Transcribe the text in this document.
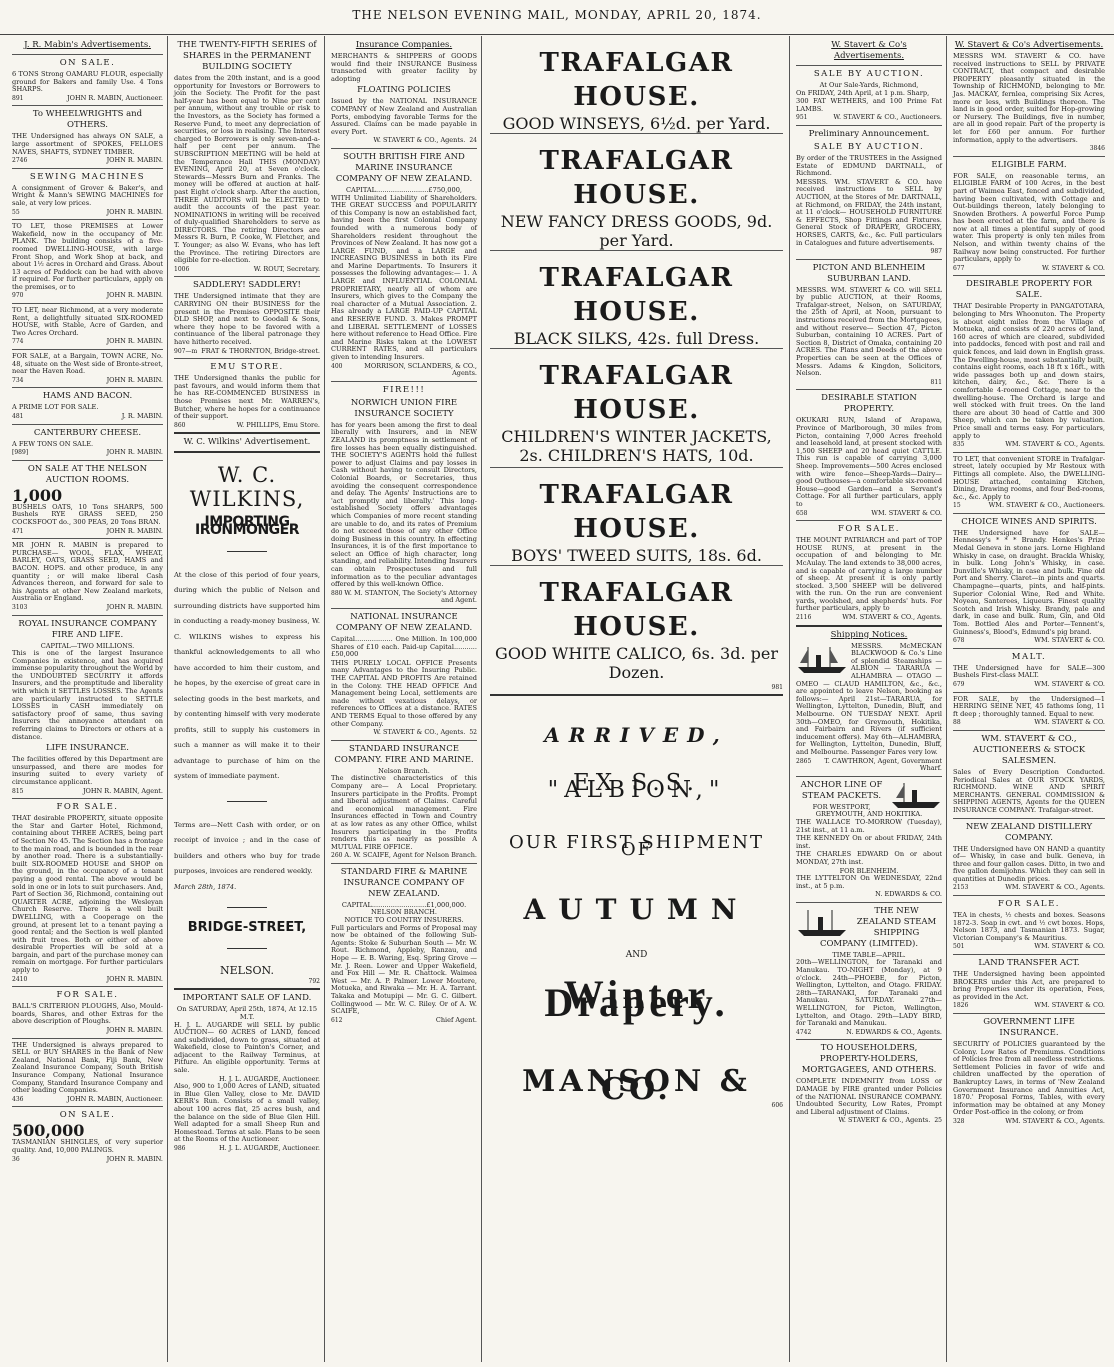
THE NELSON EVENING MAIL, MONDAY, APRIL 20, 1874.
J. R. Mabin's Advertisements.
ON SALE.

6 TONS Strong OAMARU FLOUR, especially ground for Bakers and family Use. 4 Tons SHARPS.

891	JOHN R. MABIN, Auctioneer.
To WHEELWRIGHTS and OTHERS.

THE Undersigned has always ON SALE, a large assortment of SPOKES, FELLOES NAVES, SHAFTS, SYDNEY TIMBER.

2746	JOHN R. MABIN.
SEWING MACHINES

A consignment of Grover & Baker's, and Wright & Mann's SEWING MACHINES for sale, at very low prices.

55	JOHN R. MABIN.

TO LET, those PREMISES at Lower Wakefield, now in the occupancy of Mr. PLANK. The building consists of a five-roomed DWELLING-HOUSE, with large Front Shop, and Work Shop at back, and about 1½ acres in Orchard and Grass. About 13 acres of Paddock can be had with above if required. For further particulars, apply on the premises, or to

970	JOHN R. MABIN.

TO LET, near Richmond, at a very moderate Rent, a delightfully situated SIX-ROOMED HOUSE, with Stable, Acre of Garden, and Two Acres Orchard.

774	JOHN R. MABIN.

FOR SALE, at a Bargain, TOWN ACRE, No. 48, situate on the West side of Bronte-street, near the Haven Road.

734	JOHN R. MABIN.
HAMS AND BACON.

A PRIME LOT FOR SALE.

481	J. R. MABIN.
CANTERBURY CHEESE.

A FEW TONS ON SALE.

[989]	JOHN R. MABIN.
ON SALE AT THE NELSON AUCTION ROOMS.
1,000

BUSHELS OATS, 10 Tons SHARPS, 500 Bushels RYE GRASS SEED, 250 COCKSFOOT do., 300 PEAS, 20 Tons BRAN.

471	JOHN R. MABIN.

MR JOHN R. MABIN is prepared to PURCHASE— WOOL, FLAX, WHEAT, BARLEY, OATS, GRASS SEED, HAMS and BACON. HOPS. and other produce, in any quantity ; or will make liberal Cash Advances thereon, and forward for sale to his Agents at other New Zealand markets, Australia or England.

3103	JOHN R. MABIN.
ROYAL INSURANCE COMPANY FIRE AND LIFE.
CAPITAL—TWO MILLIONS.

This is one of the largest Insurance Companies in existence, and has acquired immense popularity throughout the World by the UNDOUBTED SECURITY it affords Insurers, and the promptitude and liberality with which it SETTLES LOSSES. The Agents are particularly instructed to SETTLE LOSSES in CASH immediately on satisfactory proof of same, thus saving Insurers the annoyance attendant on referring claims to Directors or others at a distance.

LIFE INSURANCE.

The facilities offered by this Department are unsurpassed, and there are modes for insuring suited to every variety of circumstance applicant.

815	JOHN R. MABIN, Agent.
FOR SALE.

THAT desirable PROPERTY, situate opposite the Star and Garter Hotel, Richmond, containing about THREE ACRES, being part of Section No 45. The Section has a frontage to the main road, and is bounded in the rear by another road. There is a substantially-built SIX-ROOMED HOUSE and SHOP on the ground, in the occupancy of a tenant paying a good rental. The above would be sold in one or in lots to suit purchasers. And, Part of Section 36, Richmond, containing out QUARTER ACRE, adjoining the Wesleyan Church Reserve. There is a well built DWELLING, with a Cooperage on the ground, at present let to a tenant paying a good rental; and the Section is well planted with fruit trees. Both or either of above desirable Properties will be sold at a bargain, and part of the purchase money can remain on mortgage. For further particulars apply to

2410	JOHN R. MABIN.
FOR SALE.

BALL'S CRITERION PLOUGHS, Also, Mould-boards, Shares, and other Extras for the above description of Ploughs.

JOHN R. MABIN.

THE Undersigned is always prepared to SELL or BUY SHARES in the Bank of New Zealand, National Bank, Fiji Bank, New Zealand Insurance Company, South British Insurance Company, National Insurance Company, Standard Insurance Company and other leading Companies.

436	JOHN R. MABIN, Auctioneer.
ON SALE.
500,000

TASMANIAN SHINGLES, of very superior quality. And, 10,000 PALINGS.

36	JOHN R. MABIN.
THE TWENTY-FIFTH SERIES of SHARES in the PERMANENT BUILDING SOCIETY

dates from the 20th instant, and is a good opportunity for Investors or Borrowers to join the Society. The Profit for the past half-year has been equal to Nine per cent per annum, without any trouble or risk to the Investors, as the Society has formed a Reserve Fund, to meet any depreciation of securities, or loss in realising. The Interest charged to Borrowers is only seven-and-a-half per cent per annum. The SUBSCRIPTION MEETING will be held at the Temperance Hall THIS (MONDAY) EVENING, April 20, at Seven o'clock. Stewards—Messrs Burn and Franks. The money will be offered at auction at half-past Eight o'clock sharp. After the auction, THREE AUDITORS will be ELECTED to audit the accounts of the past year. NOMINATIONS in writing will be received of duly-qualified Shareholders to serve as DIRECTORS. The retiring Directors are Messrs R. Burn, P. Cooke, W. Fletcher, and T. Younger; as also W. Evans, who has left the Province. The retiring Directors are eligible for re-election.

1006	W. ROUT, Secretary.
SADDLERY! SADDLERY!

THE Undersigned intimate that they are CARRYING ON their BUSINESS for the present in the Premises OPPOSITE their OLD SHOP, and next to Goodall & Sons, where they hope to be favored with a continuance of the liberal patronage they have hitherto received.

907—m FRAT & THORNTON, Bridge-street.
EMU STORE.

THE Undersigned thanks the public for past favours, and would inform them that he has RE-COMMENCED BUSINESS in those Premises next Mr. WARREN's, Butcher, where he hopes for a continuance of their support.

860	W. PHILLIPS, Emu Store.
W. C. Wilkins' Advertisement.
W. C. WILKINS,
IMPORTING IRONMONGER

At the close of this period of four years, during which the public of Nelson and surrounding districts have supported him in conducting a ready-money business, W. C. WILKINS wishes to express his thankful acknowledgements to all who have accorded to him their custom, and he hopes, by the exercise of great care in selecting goods in the best markets, and by contenting himself with very moderate profits, still to supply his customers in such a manner as will make it to their advantage to purchase of him on the system of immediate payment.

Terms are—Nett Cash with order, or on receipt of invoice ; and in the case of builders and others who buy for trade purposes, invoices are rendered weekly.

March 28th, 1874.

BRIDGE-STREET,
NELSON.
792
IMPORTANT SALE OF LAND.
On SATURDAY, April 25th, 1874, At 12.15 M.T.

H. J. L. AUGARDE will SELL by public AUCTION— 60 ACRES of LAND, fenced and subdivided, down to grass, situated at Wakefield, close to Painton's Corner, and adjacent to the Railway Terminus, at Pitfure. An eligible opportunity. Terms at sale.

H. J. L. AUGARDE, Auctioneer.

Also, 900 to 1,000 Acres of LAND, situated in Blue Glen Valley, close to Mr. DAVID KERR's Run. Consists of a small valley, about 100 acres flat, 25 acres bush, and the balance on the side of Blue Glen Hill. Well adapted for a small Sheep Run and Homestead. Terms at sale. Plans to be seen at the Rooms of the Auctioneer.

986	H. J. L. AUGARDE, Auctioneer.
Insurance Companies.

MERCHANTS & SHIPPERS of GOODS would find their INSURANCE Business transacted with greater facility by adopting

FLOATING POLICIES

Issued by the NATIONAL INSURANCE COMPANY of New Zealand and Australian Ports, embodying favorable Terms for the Assured. Claims can be made payable in every Port.

24
W. STAVERT & CO., Agents.
SOUTH BRITISH FIRE AND MARINE INSURANCE COMPANY OF NEW ZEALAND.
CAPITAL.........................£750,000,

WITH Unlimited Liability of Shareholders. THE GREAT SUCCESS and POPULARITY of this Company is now an established fact, having been the first Colonial Company founded with a numerous body of Shareholders resident throughout the Provinces of New Zealand. It has now got a LARGE FUND, and a LARGE and INCREASING BUSINESS in both its Fire and Marine Departments. To Insurers it possesses the following advantages:— 1. A LARGE and INFLUENTIAL COLONIAL PROPRIETARY, nearly all of whom are Insurers, which gives to the Company the real character of a Mutual Association. 2. Has already a LARGE PAID-UP CAPITAL and RESERVE FUND. 3. Makes PROMPT and LIBERAL SETTLEMENT of LOSSES here without reference to Head Office. Fire and Marine Risks taken at the LOWEST CURRENT RATES, and all particulars given to intending Insurers.

400	MORRISON, SCLANDERS, & CO., Agents.
FIRE!!!
NORWICH UNION FIRE INSURANCE SOCIETY

has for years been among the first to deal liberally with Insurers, and in NEW ZEALAND its promptness in settlement of fire losses has been equally distinguished. THE SOCIETY'S AGENTS hold the fullest power to adjust Claims and pay losses in Cash without having to consult Directors, Colonial Boards, or Secretaries, thus avoiding the consequent correspondence and delay. The Agents' Instructions are to 'act promptly and liberally.' This long-established Society offers advantages which Companies of more recent standing are unable to do, and its rates of Premium do not exceed those of any other Office doing Business in this country. In effecting Insurances, it is of the first importance to select an Office of high character, long standing, and reliability. Intending Insurers can obtain Prospectuses and full information as to the peculiar advantages offered by this well-known Office.

880 W. M. STANTON, The Society's Attorney and Agent.
NATIONAL INSURANCE COMPANY OF NEW ZEALAND.

Capital.................. One Million. In 100,000 Shares of £10 each. Paid-up Capital...........£50,000

THIS PURELY LOCAL OFFICE Presents many Advantages to the Insuring Public. THE CAPITAL AND PROFITS Are retained in the Colony. THE HEAD OFFICE And Management being Local, settlements are made without vexatious delays, or references to Offices at a distance. RATES AND TERMS Equal to those offered by any other Company.

52
W. STAVERT & CO., Agents.
STANDARD INSURANCE COMPANY. FIRE AND MARINE.
Nelson Branch.

The distinctive characteristics of this Company are— A Local Proprietary. Insurers participate in the Profits. Prompt and liberal adjustment of Claims. Careful and economical management. Fire Insurances effected in Town and Country at as low rates as any other Office, whilst Insurers participating in the Profits renders this as nearly as possible A MUTUAL FIRE OFFICE.

260 A. W. SCAIFE, Agent for Nelson Branch.
STANDARD FIRE & MARINE INSURANCE COMPANY OF NEW ZEALAND.
CAPITAL..........................£1,000,000.
NELSON BRANCH.
NOTICE TO COUNTRY INSURERS.

Full particulars and Forms of Proposal may now be obtained of the following Sub-Agents: Stoke & Suburban South — Mr. W. Rout. Richmond, Appleby, Ranzau, and Hope — E. B. Waring, Esq. Spring Grove — Mr. J. Reen. Lower and Upper Wakefield, and Fox Hill — Mr. R. Chattock. Waimea West — Mr. A. P. Palmer. Lower Moutere, Motueka, and Riwaka — Mr. H. A. Tarrant. Takaka and Motupipi — Mr. G. C. Gilbert. Collingwood — Mr. W. C. Riley. Or of A. W. SCAIFE,

612	Chief Agent.
TRAFALGAR HOUSE.
GOOD WINSEYS, 6½d. per Yard.
TRAFALGAR HOUSE.
NEW FANCY DRESS GOODS, 9d. per Yard.
TRAFALGAR HOUSE.
BLACK SILKS, 42s. full Dress.
TRAFALGAR HOUSE.
CHILDREN'S WINTER JACKETS, 2s. CHILDREN'S HATS, 10d.
TRAFALGAR HOUSE.
BOYS' TWEED SUITS, 18s. 6d.
TRAFALGAR HOUSE.
GOOD WHITE CALICO, 6s. 3d. per Dozen.
981
ARRIVED,
EX S.S. "ALBION,"
OUR FIRST SHIPMENT OF
AUTUMN
AND
Winter Drapery.
MANSON & CO.	606
W. Stavert & Co's Advertisements.
SALE BY AUCTION.
At Our Sale-Yards, Richmond,

On FRIDAY, 24th April, at 1 p.m. Sharp,

300 FAT WETHERS, and 100 Prime Fat LAMBS.

951	W. STAVERT & CO., Auctioneers.
Preliminary Announcement.
SALE BY AUCTION.

By order of the TRUSTEES in the Assigned Estate of EDMUND DARTNALL, of Richmond.

MESSRS. WM. STAVERT & CO. have received instructions to SELL by AUCTION, at the Stores of Mr. DARTNALL, at Richmond, on FRIDAY, the 24th instant, at 11 o'clock— HOUSEHOLD FURNITURE & EFFECTS, Shop Fittings and Fixtures. General Stock of DRAPERY, GROCERY, HORSES, CARTS, &c., &c. Full particulars in Catalogues and future advertisements.

987
PICTON AND BLENHEIM SUBURBAN LAND.

MESSRS. WM. STAVERT & CO. will SELL by public AUCTION, at their Rooms, Trafalgar-street, Nelson, on SATURDAY, the 25th of April, at Noon, pursuant to instructions received from the Mortgagees, and without reserve— Section 47, Picton Suburban, containing 10 ACRES. Part of Section 8, District of Omaka, containing 20 ACRES. The Plans and Deeds of the above Properties can be seen at the Offices of Messrs. Adams & Kingdon, Solicitors, Nelson.

811
DESIRABLE STATION PROPERTY.

OKUKARI RUN, Island of Arapawa, Province of Marlborough, 30 miles from Picton, containing 7,000 Acres freehold and leasehold land, at present stocked with 1,500 SHEEP and 20 head quiet CATTLE. This run is capable of carrying 3,000 Sheep. Improvements—500 Acres enclosed with wire fence—Sheep-Yards—Dairy—good Outhouses—a comfortable six-roomed House—good Garden—and a Servant's Cottage. For all further particulars, apply to

658	WM. STAVERT & CO.
FOR SALE.

THE MOUNT PATRIARCH and part of TOP HOUSE RUNS, at present in the occupation of and belonging to Mr. McAulay. The land extends to 38,000 acres, and is capable of carrying a large number of sheep. At present it is only partly stocked. 3,500 SHEEP will be delivered with the run. On the run are convenient yards, woolshed, and shepherds' huts. For further particulars, apply to

2116	WM. STAVERT & CO., Agents.
Shipping Notices.

MESSRS. McMECKAN BLACKWOOD & Co.'s Line of splendid Steamships — ALBION — TARARUA — ALHAMBRA — OTAGO — OMEO — CLAUD HAMILTON, &c., &c., are appointed to leave Nelson, booking as follows:— April 21st—TARARUA, for Wellington, Lyttelton, Dunedin, Bluff, and Melbourne. ON TUESDAY NEXT. April 30th—OMEO, for Greymouth, Hokitika, and Fairbairn and Rivers (if sufficient inducement offers). May 6th—ALHAMBRA, for Wellington, Lyttelton, Dunedin, Bluff, and Melbourne. Passenger Fares very low.

2865 T. CAWTHRON, Agent, Government Wharf.
ANCHOR LINE OF STEAM PACKETS.
FOR WESTPORT, GREYMOUTH, AND HOKITIKA.

THE WALLACE TO-MORROW (Tuesday), 21st inst., at 11 a.m.

THE KENNEDY On or about FRIDAY, 24th inst.

THE CHARLES EDWARD On or about MONDAY, 27th inst.

FOR BLENHEIM.

THE LYTTELTON On WEDNESDAY, 22nd inst., at 5 p.m.

N. EDWARDS & CO.
THE NEW ZEALAND STEAM SHIPPING COMPANY (LIMITED).
TIME TABLE—APRIL.

20th—WELLINGTON, for Taranaki and Manukau. TO-NIGHT (Monday), at 9 o'clock. 24th—PHOEBE, for Picton, Wellington, Lyttelton, and Otago. FRIDAY. 28th—TARANAKI, for Taranaki and Manukau. SATURDAY. 27th—WELLINGTON, for Picton, Wellington, Lyttelton, and Otago. 29th—LADY BIRD, for Taranaki and Manukau.

4742	N. EDWARDS & CO., Agents.
TO HOUSEHOLDERS, PROPERTY-HOLDERS, MORTGAGEES, AND OTHERS.

COMPLETE INDEMNITY from LOSS or DAMAGE by FIRE granted under Policies of the NATIONAL INSURANCE COMPANY. Undoubted Security, Low Rates, Prompt and Liberal adjustment of Claims.

25
W. STAVERT & CO., Agents.
W. Stavert & Co's Advertisements.

MESSRS WM. STAVERT & CO. have received instructions to SELL by PRIVATE CONTRACT, that compact and desirable PROPERTY pleasantly situated in the Township of RICHMOND, belonging to Mr. Jas. MACKAY, fernlea, comprising Six Acres, more or less, with Buildings thereon. The land is in good order, suited for Hop-growing or Nursery. The Buildings, five in number, are all in good repair. Part of the property is let for £60 per annum. For further information, apply to the advertisers.

3846
ELIGIBLE FARM.

FOR SALE, on reasonable terms, an ELIGIBLE FARM of 100 Acres, in the best part of Waimea East, fenced and subdivided, having been cultivated, with Cottage and Out-buildings thereon, lately belonging to Snowden Brothers. A powerful Force Pump has been erected at the farm, and there is now at all times a plentiful supply of good water. This property is only ten miles from Nelson, and within twenty chains of the Railway now being constructed. For further particulars, apply to

677	W. STAVERT & CO.
DESIRABLE PROPERTY FOR SALE.

THAT Desirable Property in PANGATOTARA, belonging to Mrs Whoonuton. The Property is about eight miles from the Village of Motueka, and consists of 220 acres of land, 160 acres of which are cleared, subdivided into paddocks, fenced with post and rail and quick fences, and laid down in English grass. The Dwelling-house, most substantially built, contains eight rooms, each 18 ft x 16ft., with wide passages both up and down stairs, kitchen, dairy, &c., &c. There is a comfortable 4-roomed Cottage, near to the dwelling-house. The Orchard is large and well stocked with fruit trees. On the land there are about 30 head of Cattle and 300 Sheep, which can be taken by valuation. Price small and terms easy. For particulars, apply to

835	WM. STAVERT & CO., Agents.

TO LET, that convenient STORE in Trafalgar-street, lately occupied by Mr Restoux with Fittings all complete. Also, the DWELLING-HOUSE attached, containing Kitchen, Dining, Drawing rooms, and four Bed-rooms, &c., &c. Apply to

15	WM. STAVERT & CO., Auctioneers.
CHOICE WINES AND SPIRITS.

THE Undersigned have for SALE— Hennessy's * * * Brandy. Henkes's Prize Medal Geneva in stone jars. Lorne Highland Whisky in case, on draught. Brackla Whisky, in bulk. Long John's Whisky, in case. Dunville's Whisky, in case and bulk. Fine old Port and Sherry. Claret—in pints and quarts. Champagne—quarts, pints, and half-pints. Superior Colonial Wine, Red and White. Noyeau, Santerees, Liqueurs. Finest quality Scotch and Irish Whisky. Brandy, pale and dark, in case and bulk. Rum, Gin, and Old Tom. Bottled Ales and Porter—Tennent's, Guinness's, Blood's, Edmund's pig brand.

678	WM. STAVERT & CO.
MALT.

THE Undersigned have for SALE—300 Bushels First-class MALT.

679	WM. STAVERT & CO.

FOR SALE, by the Undersigned—1 HERRING SEINE NET, 45 fathoms long, 11 ft deep ; thoroughly tanned. Equal to new.

88	WM. STAVERT & CO.
WM. STAVERT & CO., AUCTIONEERS & STOCK SALESMEN.

Sales of Every Description Conducted. Periodical Sales at OUR STOCK YARDS, RICHMOND. WINE AND SPIRIT MERCHANTS. GENERAL COMMISSION & SHIPPING AGENTS, Agents for the QUEEN INSURANCE COMPANY. Trafalgar-street.

NEW ZEALAND DISTILLERY COMPANY.

THE Undersigned have ON HAND a quantity of— Whisky, in case and bulk. Geneva, in three and four gallon cases. Ditto, in two and five gallon demijohns. Which they can sell in quantities at Dunedin prices.

2153	WM. STAVERT & CO., Agents.
FOR SALE.

TEA in chests, ½ chests and boxes. Seasons 1872-3. Soap in cwt. and ½ cwt boxes. Hops, Nelson 1873, and Tasmanian 1873. Sugar, Victorian Company's & Mauritius.

501	WM. STAVERT & CO.
LAND TRANSFER ACT.

THE Undersigned having been appointed BROKERS under this Act, are prepared to bring Properties under its operation, Fees, as provided in the Act.

1826	WM. STAVERT & CO.
GOVERNMENT LIFE INSURANCE.

SECURITY of POLICIES guaranteed by the Colony. Low Rates of Premiums. Conditions of Policies free from all needless restrictions. Settlement Policies in favor of wife and children unaffected by the operation of Bankruptcy Laws, in terms of 'New Zealand Government Insurance and Annuities Act, 1870.' Proposal Forms, Tables, with every information may be obtained at any Money Order Post-office in the colony, or from

328	WM. STAVERT & CO., Agents.
